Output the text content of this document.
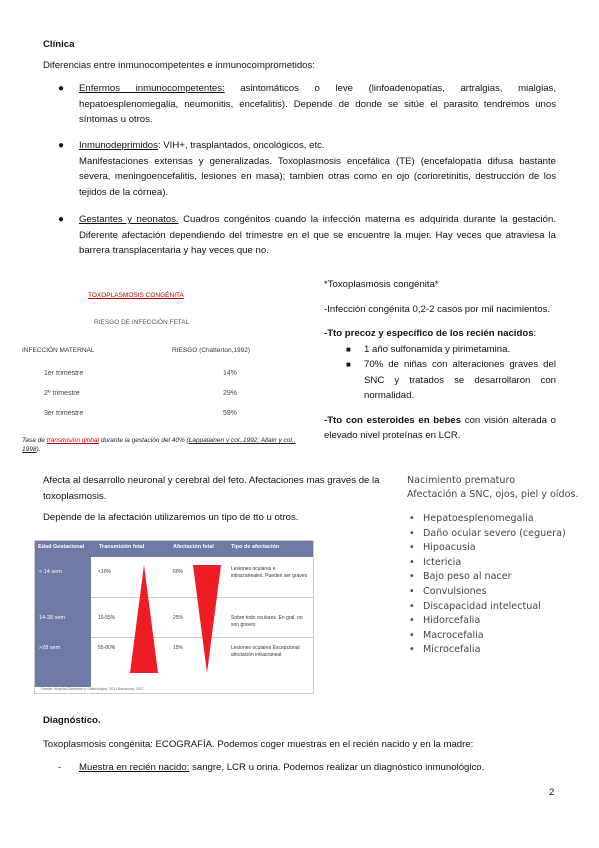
Clínica
Diferencias entre inmunocompetentes e inmunocomprometidos:
● Enfermos inmunocompetentes: asintomáticos o leve (linfoadenopatías, artralgias, mialgias, hepatoesplenomegalia, neumonitis, encefalitis). Depende de donde se sitúe el parasito tendremos unos síntomas u otros.
● Inmunodeprimidos: VIH+, trasplantados, oncológicos, etc.
Manifestaciones extensas y generalizadas. Toxoplasmosis encefálica (TE) (encefalopatía difusa bastante severa, meningoencefalitis, lesiones en masa); tambien otras como en ojo (corioretinitis, destrucción de los tejidos de la córnea).
● Gestantes y neonatos. Cuadros congénitos cuando la infección materna es adquirida durante la gestación. Diferente afectación dependiendo del trimestre en el que se encuentre la mujer. Hay veces que atraviesa la barrera transplacentaria y hay veces que no.
TOXOPLASMOSIS CONGÉNITA
RIESGO DE INFECCIÓN FETAL
INFECCIÓN MATERNAL	RIESGO (Chatterton,1992)
1er trimestre	14%
2º trimestre	29%
3er trimestre	59%
Tasa de transmisión global durante la gestación del 40% (Lappalainen y col.,1992; Allain y col., 1998).
*Toxoplasmosis congénita*
-Infección congénita 0,2-2 casos por mil nacimientos.
-Tto precoz y específico de los recién nacidos:
■ 1 año sulfonamida y pirimetamina.
■ 70% de niñas con alteraciones graves del SNC y tratados se desarrollaron con normalidad.
-Tto con esteroides en bebes con visión alterada o elevado nivel proteínas en LCR.
Afecta al desarrollo neuronal y cerebral del feto. Afectaciones mas graves de la toxoplasmosis.
Depende de la afectación utilizaremos un tipo de tto u otros.
Edad Gestacional	Transmisión fetal	Afectación fetal	Tipo de afectación
< 14 sem	<10%	60%	Lesiones oculares e intracraneales. Pueden ser graves
14-28 sem	15-55%	25%	Sobre todo oculares. En gral. no son graves
>28 sem	55-80%	15%	Lesiones oculares Excepcional afectación intracraneal
Fuente: Hospital Obstétrico y Ginecológico, 2021 Barcelona, 2017
Nacimiento prematuro
Afectación a SNC, ojos, piel y oídos.
• Hepatoesplenomegalia
• Daño ocular severo (ceguera)
• Hipoacusia
• Ictericia
• Bajo peso al nacer
• Convulsiones
• Discapacidad intelectual
• Hidorcefalia
• Macrocefalia
• Microcefalia
Diagnóstico.
Toxoplasmosis congénita: ECOGRAFÍA. Podemos coger muestras en el recién nacido y en la madre:
- Muestra en recién nacido: sangre, LCR u orina. Podemos realizar un diagnóstico inmunológico.
2
